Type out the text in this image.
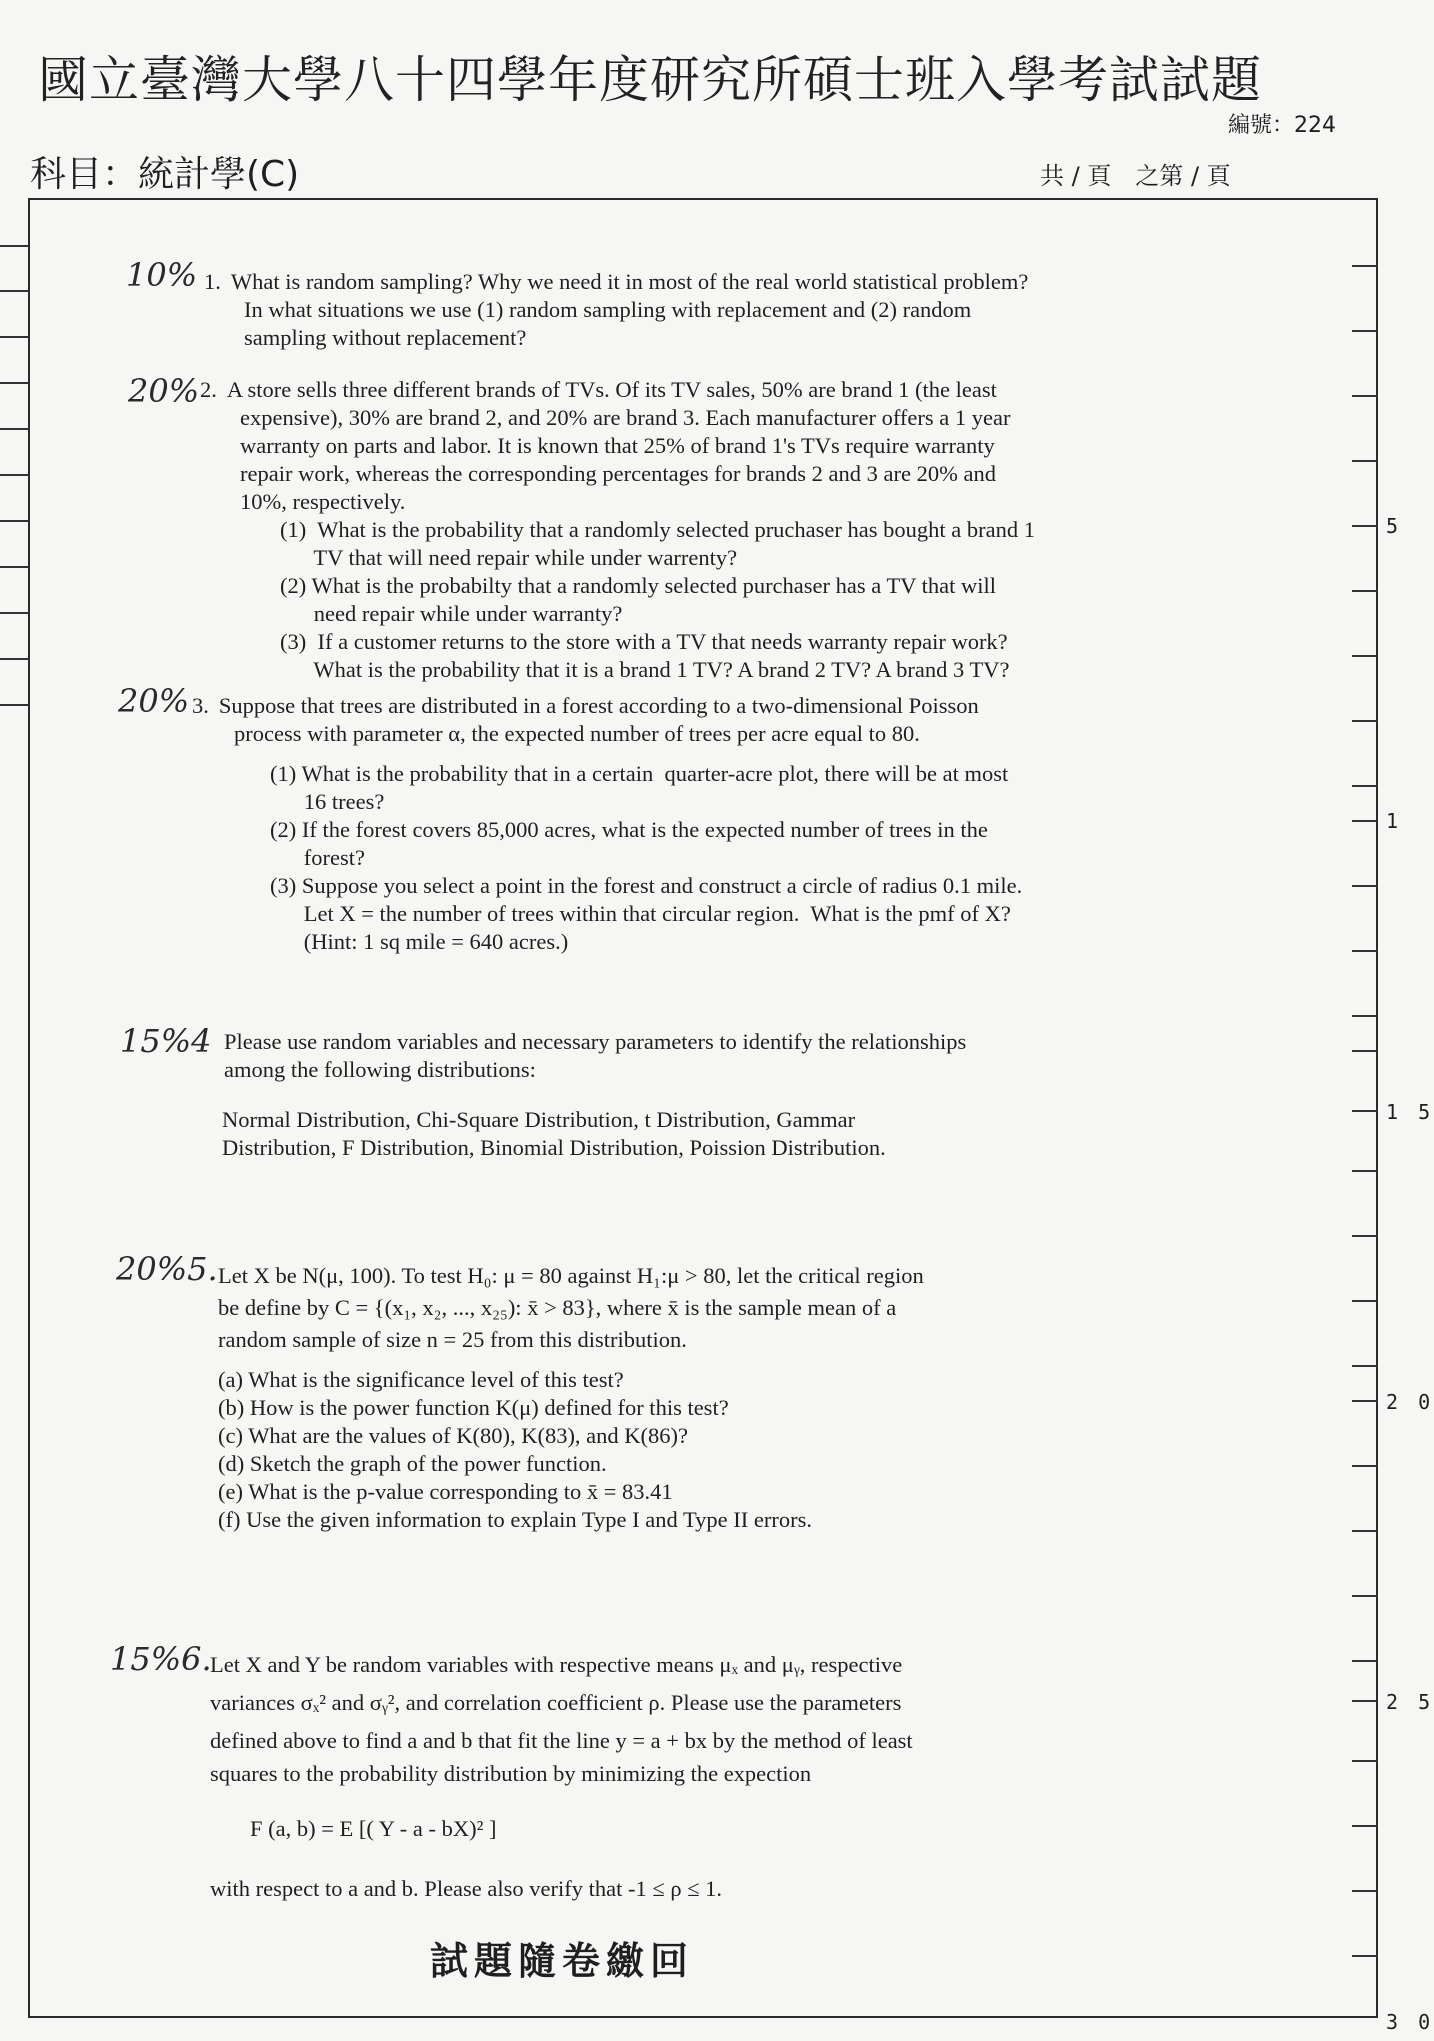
國立臺灣大學八十四學年度研究所碩士班入學考試試題
編號：224
科目：統計學(C)	共 / 頁　之第 ∕ 頁
5
1
1 5
2 0
2 5
3 0
10% 1. What is random sampling? Why we need it in most of the real world statistical problem?
In what situations we use (1) random sampling with replacement and (2) random
sampling without replacement?
20% 2. A store sells three different brands of TVs. Of its TV sales, 50% are brand 1 (the least
expensive), 30% are brand 2, and 20% are brand 3. Each manufacturer offers a 1 year
warranty on parts and labor. It is known that 25% of brand 1's TVs require warranty
repair work, whereas the corresponding percentages for brands 2 and 3 are 20% and
10%, respectively.
(1)  What is the probability that a randomly selected pruchaser has bought a brand 1
TV that will need repair while under warrenty?
(2) What is the probabilty that a randomly selected purchaser has a TV that will
need repair while under warranty?
(3)  If a customer returns to the store with a TV that needs warranty repair work?
What is the probability that it is a brand 1 TV? A brand 2 TV? A brand 3 TV?
20% 3. Suppose that trees are distributed in a forest according to a two-dimensional Poisson
process with parameter α, the expected number of trees per acre equal to 80.
(1) What is the probability that in a certain  quarter-acre plot, there will be at most
16 trees?
(2) If the forest covers 85,000 acres, what is the expected number of trees in the
forest?
(3) Suppose you select a point in the forest and construct a circle of radius 0.1 mile.
Let X = the number of trees within that circular region.  What is the pmf of X?
(Hint: 1 sq mile = 640 acres.)
15%4 Please use random variables and necessary parameters to identify the relationships
among the following distributions:
Normal Distribution, Chi-Square Distribution, t Distribution, Gammar
Distribution, F Distribution, Binomial Distribution, Poission Distribution.
20%5. Let X be N(μ, 100). To test H₀: μ = 80 against H₁:μ > 80, let the critical region
be define by C = {(x₁, x₂, ..., x₂₅): x̄ > 83}, where x̄ is the sample mean of a
random sample of size n = 25 from this distribution.
(a) What is the significance level of this test?
(b) How is the power function K(μ) defined for this test?
(c) What are the values of K(80), K(83), and K(86)?
(d) Sketch the graph of the power function.
(e) What is the p-value corresponding to x̄ = 83.41
(f) Use the given information to explain Type I and Type II errors.
15%6.
Let X and Y be random variables with respective means μₓ and μᵧ, respective
variances σₓ² and σᵧ², and correlation coefficient ρ. Please use the parameters
defined above to find a and b that fit the line y = a + bx by the method of least
squares to the probability distribution by minimizing the expection
F (a, b) = E [( Y - a - bX)² ]
with respect to a and b. Please also verify that -1 ≤ ρ ≤ 1.
試題隨卷繳回
